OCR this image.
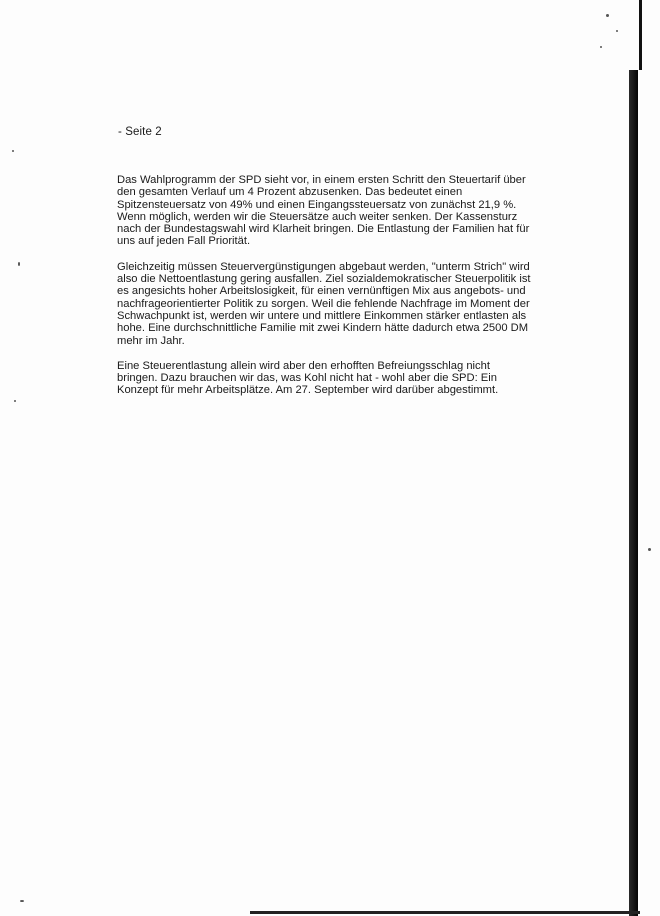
- Seite 2

Das Wahlprogramm der SPD sieht vor, in einem ersten Schritt den Steuertarif über
den gesamten Verlauf um 4 Prozent abzusenken. Das bedeutet einen
Spitzensteuersatz von 49% und einen Eingangssteuersatz von zunächst 21,9 %.
Wenn möglich, werden wir die Steuersätze auch weiter senken. Der Kassensturz
nach der Bundestagswahl wird Klarheit bringen. Die Entlastung der Familien hat für
uns auf jeden Fall Priorität.

Gleichzeitig müssen Steuervergünstigungen abgebaut werden, "unterm Strich" wird
also die Nettoentlastung gering ausfallen. Ziel sozialdemokratischer Steuerpolitik ist
es angesichts hoher Arbeitslosigkeit, für einen vernünftigen Mix aus angebots- und
nachfrageorientierter Politik zu sorgen. Weil die fehlende Nachfrage im Moment der
Schwachpunkt ist, werden wir untere und mittlere Einkommen stärker entlasten als
hohe. Eine durchschnittliche Familie mit zwei Kindern hätte dadurch etwa 2500 DM
mehr im Jahr.

Eine Steuerentlastung allein wird aber den erhofften Befreiungsschlag nicht
bringen. Dazu brauchen wir das, was Kohl nicht hat - wohl aber die SPD: Ein
Konzept für mehr Arbeitsplätze. Am 27. September wird darüber abgestimmt.
